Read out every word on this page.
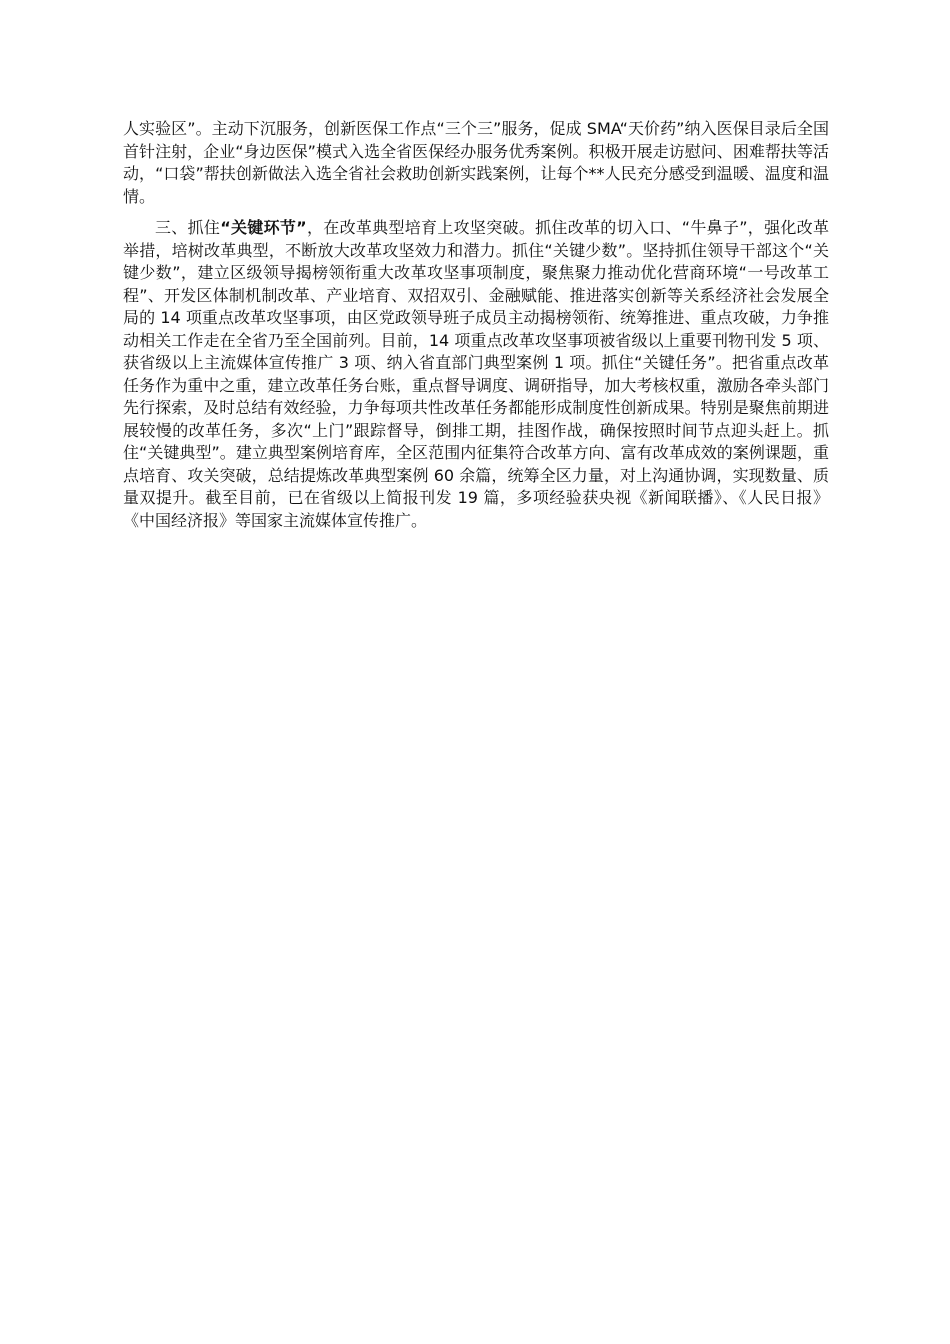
人实验区”。主动下沉服务，创新医保工作点“三个三”服务，促成 SMA“天价药”纳入医保目录后全国首针注射，企业“身边医保”模式入选全省医保经办服务优秀案例。积极开展走访慰问、困难帮扶等活动，“口袋”帮扶创新做法入选全省社会救助创新实践案例，让每个**人民充分感受到温暖、温度和温情。

三、抓住“关键环节”，在改革典型培育上攻坚突破。抓住改革的切入口、“牛鼻子”，强化改革举措，培树改革典型，不断放大改革攻坚效力和潜力。抓住“关键少数”。坚持抓住领导干部这个“关键少数”，建立区级领导揭榜领衔重大改革攻坚事项制度，聚焦聚力推动优化营商环境“一号改革工程”、开发区体制机制改革、产业培育、双招双引、金融赋能、推进落实创新等关系经济社会发展全局的 14 项重点改革攻坚事项，由区党政领导班子成员主动揭榜领衔、统筹推进、重点攻破，力争推动相关工作走在全省乃至全国前列。目前，14 项重点改革攻坚事项被省级以上重要刊物刊发 5 项、获省级以上主流媒体宣传推广 3 项、纳入省直部门典型案例 1 项。抓住“关键任务”。把省重点改革任务作为重中之重，建立改革任务台账，重点督导调度、调研指导，加大考核权重，激励各牵头部门先行探索，及时总结有效经验，力争每项共性改革任务都能形成制度性创新成果。特别是聚焦前期进展较慢的改革任务，多次“上门”跟踪督导，倒排工期，挂图作战，确保按照时间节点迎头赶上。抓住“关键典型”。建立典型案例培育库，全区范围内征集符合改革方向、富有改革成效的案例课题，重点培育、攻关突破，总结提炼改革典型案例 60 余篇，统筹全区力量，对上沟通协调，实现数量、质量双提升。截至目前，已在省级以上简报刊发 19 篇，多项经验获央视《新闻联播》、《人民日报》《中国经济报》等国家主流媒体宣传推广。
